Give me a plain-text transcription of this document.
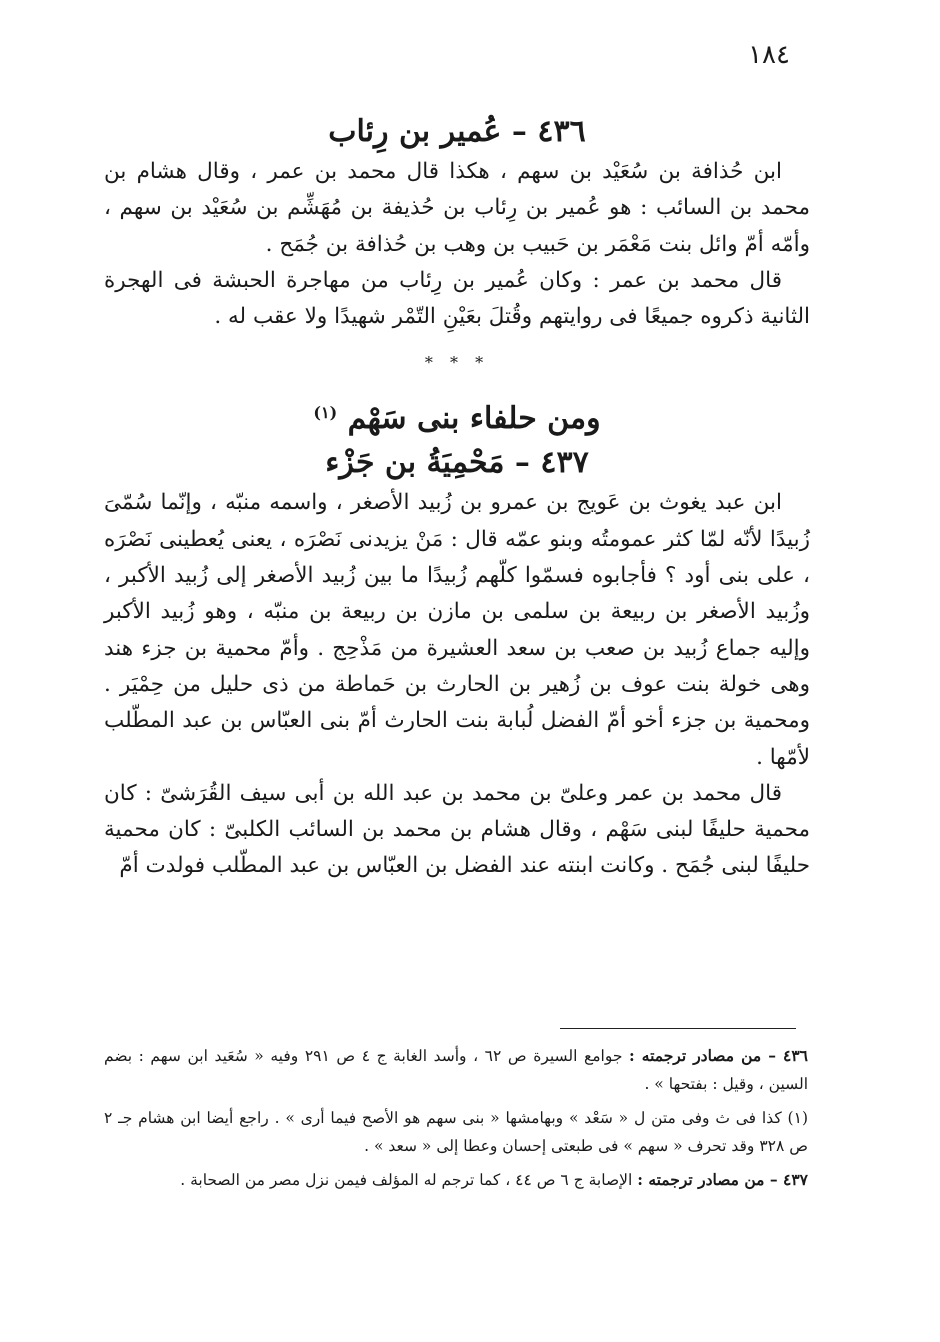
١٨٤
٤٣٦ – عُمير بن رِئاب

ابن حُذافة بن سُعَيْد بن سهم ، هكذا قال محمد بن عمر ، وقال هشام بن محمد بن السائب : هو عُمير بن رِئاب بن حُذيفة بن مُهَشِّم بن سُعَيْد بن سهم ، وأمّه أمّ وائل بنت مَعْمَر بن حَبيب بن وهب بن حُذافة بن جُمَح .

قال محمد بن عمر : وكان عُمير بن رِئاب من مهاجرة الحبشة فى الهجرة الثانية ذكروه جميعًا فى روايتهم وقُتلَ بعَيْنِ التّمْر شهيدًا ولا عقب له .

* * *
ومن حلفاء بنى سَهْم $^{(١)}$
٤٣٧ – مَحْمِيَةُ بن جَزْء

ابن عبد يغوث بن عَويج بن عمرو بن زُبيد الأصغر ، واسمه منبّه ، وإنّما سُمّىَ زُبيدًا لأنّه لمّا كثر عمومتُه وبنو عمّه قال : مَنْ يزيدنى نَصْرَه ، يعنى يُعطينى نَصْرَه ، على بنى أود ؟ فأجابوه فسمّوا كلّهم زُبيدًا ما بين زُبيد الأصغر إلى زُبيد الأكبر ، وزُبيد الأصغر بن ربيعة بن سلمى بن مازن بن ربيعة بن منبّه ، وهو زُبيد الأكبر وإليه جماع زُبيد بن صعب بن سعد العشيرة من مَذْحِج . وأمّ محمية بن جزء هند وهى خولة بنت عوف بن زُهير بن الحارث بن حَماطة من ذى حليل من حِمْيَر . ومحمية بن جزء أخو أمّ الفضل لُبابة بنت الحارث أمّ بنى العبّاس بن عبد المطّلب لأمّها .

قال محمد بن عمر وعلىّ بن محمد بن عبد الله بن أبى سيف القُرَشىّ : كان محمية حليفًا لبنى سَهْم ، وقال هشام بن محمد بن السائب الكلبىّ : كان محمية حليفًا لبنى جُمَح . وكانت ابنته عند الفضل بن العبّاس بن عبد المطّلب فولدت أمّ

٤٣٦ – من مصادر ترجمته : جوامع السيرة ص ٦٢ ، وأسد الغابة ج ٤ ص ٢٩١ وفيه « سُعَيد ابن سهم : بضم السين ، وقيل : بفتحها » .

(١) كذا فى ث وفى متن ل « سَعْد » وبهامشها « بنى سهم هو الأصح فيما أرى » . راجع أيضا ابن هشام جـ ٢ ص ٣٢٨ وقد تحرف « سهم » فى طبعتى إحسان وعطا إلى « سعد » .

٤٣٧ – من مصادر ترجمته : الإصابة ج ٦ ص ٤٤ ، كما ترجم له المؤلف فيمن نزل مصر من الصحابة .
